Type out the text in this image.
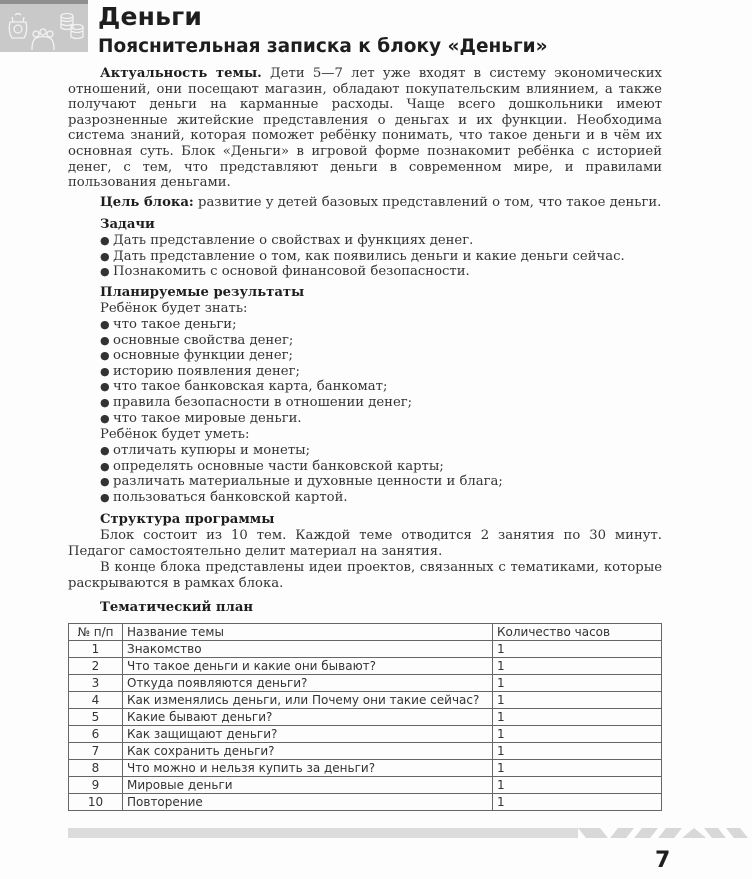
Деньги
Пояснительная записка к блоку «Деньги»
Актуальность темы. Дети 5—7 лет уже входят в систему экономических отношений, они посещают магазин, обладают покупательским влиянием, а также получают деньги на карманные расходы. Чаще всего дошкольники имеют разрозненные житейские представления о деньгах и их функции. Необходима система знаний, которая поможет ребёнку понимать, что такое деньги и в чём их основная суть. Блок «Деньги» в игровой форме познакомит ребёнка с историей денег, с тем, что представляют деньги в современном мире, и правилами пользования деньгами.
Цель блока: развитие у детей базовых представлений о том, что такое деньги.
Задачи
● Дать представление о свойствах и функциях денег.
● Дать представление о том, как появились деньги и какие деньги сейчас.
● Познакомить с основой финансовой безопасности.
Планируемые результаты
Ребёнок будет знать:
● что такое деньги;
● основные свойства денег;
● основные функции денег;
● историю появления денег;
● что такое банковская карта, банкомат;
● правила безопасности в отношении денег;
● что такое мировые деньги.
Ребёнок будет уметь:
● отличать купюры и монеты;
● определять основные части банковской карты;
● различать материальные и духовные ценности и блага;
● пользоваться банковской картой.
Структура программы
Блок состоит из 10 тем. Каждой теме отводится 2 занятия по 30 минут. Педагог самостоятельно делит материал на занятия.
В конце блока представлены идеи проектов, связанных с тематиками, которые раскрываются в рамках блока.
Тематический план
№ п/п	Название темы	Количество часов
1	Знакомство	1
2	Что такое деньги и какие они бывают?	1
3	Откуда появляются деньги?	1
4	Как изменялись деньги, или Почему они такие сейчас?	1
5	Какие бывают деньги?	1
6	Как защищают деньги?	1
7	Как сохранить деньги?	1
8	Что можно и нельзя купить за деньги?	1
9	Мировые деньги	1
10	Повторение	1
7
